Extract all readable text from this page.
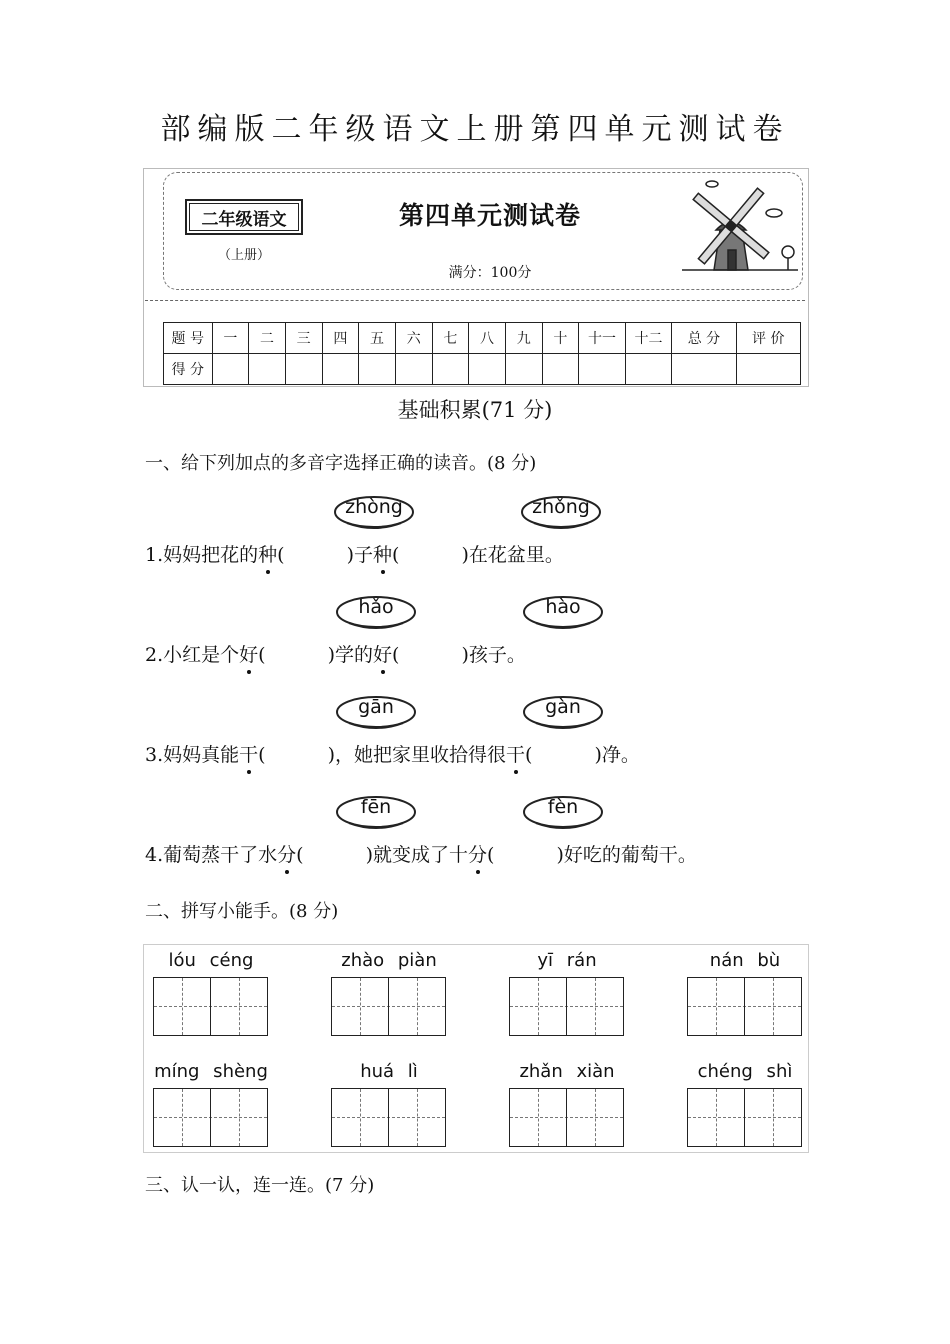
部编版二年级语文上册第四单元测试卷
二年级语文
（上册）
第四单元测试卷
满分：100分
题 号	一	二	三	四	五	六	七	八	九	十	十一	十二	总 分	评 价
得 分														
基础积累(71 分)
一、给下列加点的多音字选择正确的读音。(8 分)
zhòng	zhǒng
1.妈妈把花的种(	)子种(	)在花盆里。
hǎo	hào
2.小红是个好(	)学的好(	)孩子。
gān	gàn
3.妈妈真能干(	)，她把家里收拾得很干(	)净。
fēn	fèn
4.葡萄蒸干了水分(	)就变成了十分(	)好吃的葡萄干。
二、拼写小能手。(8 分)
lóu céng	zhào piàn	yī rán	nán bù
míng shèng	huá lì	zhǎn xiàn	chéng shì
三、认一认，连一连。(7 分)
